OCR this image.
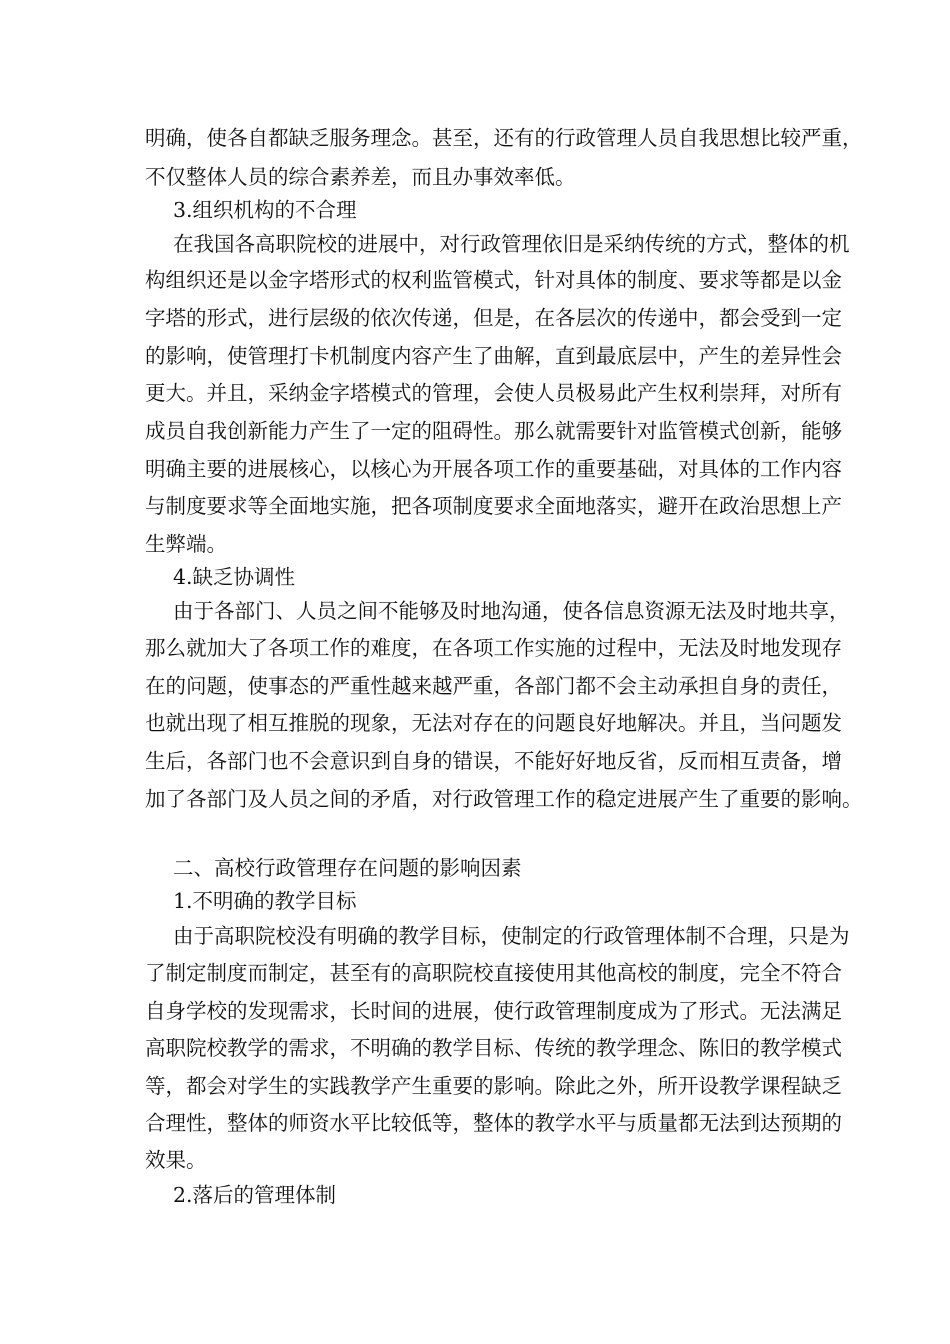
明确，使各自都缺乏服务理念。甚至，还有的行政管理人员自我思想比较严重，
不仅整体人员的综合素养差，而且办事效率低。
3.组织机构的不合理
在我国各高职院校的进展中，对行政管理依旧是采纳传统的方式，整体的机
构组织还是以金字塔形式的权利监管模式，针对具体的制度、要求等都是以金
字塔的形式，进行层级的依次传递，但是，在各层次的传递中，都会受到一定
的影响，使管理打卡机制度内容产生了曲解，直到最底层中，产生的差异性会
更大。并且，采纳金字塔模式的管理，会使人员极易此产生权利崇拜，对所有
成员自我创新能力产生了一定的阻碍性。那么就需要针对监管模式创新，能够
明确主要的进展核心，以核心为开展各项工作的重要基础，对具体的工作内容
与制度要求等全面地实施，把各项制度要求全面地落实，避开在政治思想上产
生弊端。
4.缺乏协调性
由于各部门、人员之间不能够及时地沟通，使各信息资源无法及时地共享，
那么就加大了各项工作的难度，在各项工作实施的过程中，无法及时地发现存
在的问题，使事态的严重性越来越严重，各部门都不会主动承担自身的责任，
也就出现了相互推脱的现象，无法对存在的问题良好地解决。并且，当问题发
生后，各部门也不会意识到自身的错误，不能好好地反省，反而相互责备，增
加了各部门及人员之间的矛盾，对行政管理工作的稳定进展产生了重要的影响。
二、高校行政管理存在问题的影响因素
1.不明确的教学目标
由于高职院校没有明确的教学目标，使制定的行政管理体制不合理，只是为
了制定制度而制定，甚至有的高职院校直接使用其他高校的制度，完全不符合
自身学校的发现需求，长时间的进展，使行政管理制度成为了形式。无法满足
高职院校教学的需求，不明确的教学目标、传统的教学理念、陈旧的教学模式
等，都会对学生的实践教学产生重要的影响。除此之外，所开设教学课程缺乏
合理性，整体的师资水平比较低等，整体的教学水平与质量都无法到达预期的
效果。
2.落后的管理体制
